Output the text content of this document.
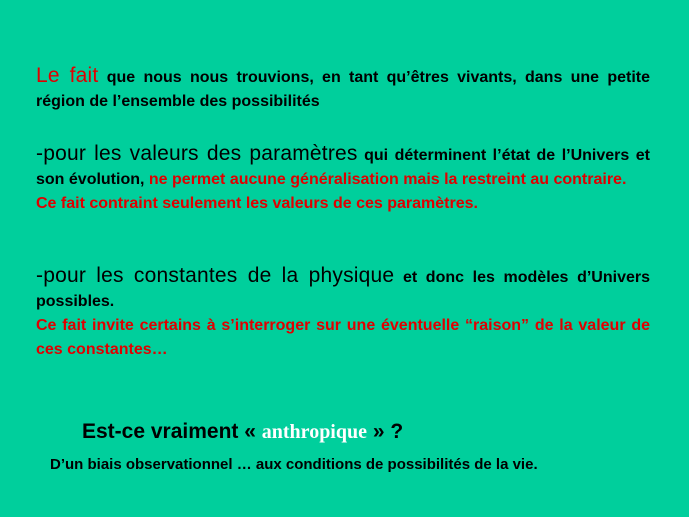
Le fait que nous nous trouvions, en tant qu’êtres vivants, dans une petite région de l’ensemble des possibilités
-pour les valeurs des paramètres qui déterminent l’état de l’Univers et son évolution, ne permet aucune généralisation mais la restreint au contraire.
Ce fait contraint seulement les valeurs de ces paramètres.
-pour les constantes de la physique et donc les modèles d’Univers possibles.
Ce fait invite certains à s’interroger sur une éventuelle “raison” de la valeur de ces constantes…
Est-ce vraiment « anthropique » ?
D’un biais observationnel … aux conditions de possibilités de la vie.
